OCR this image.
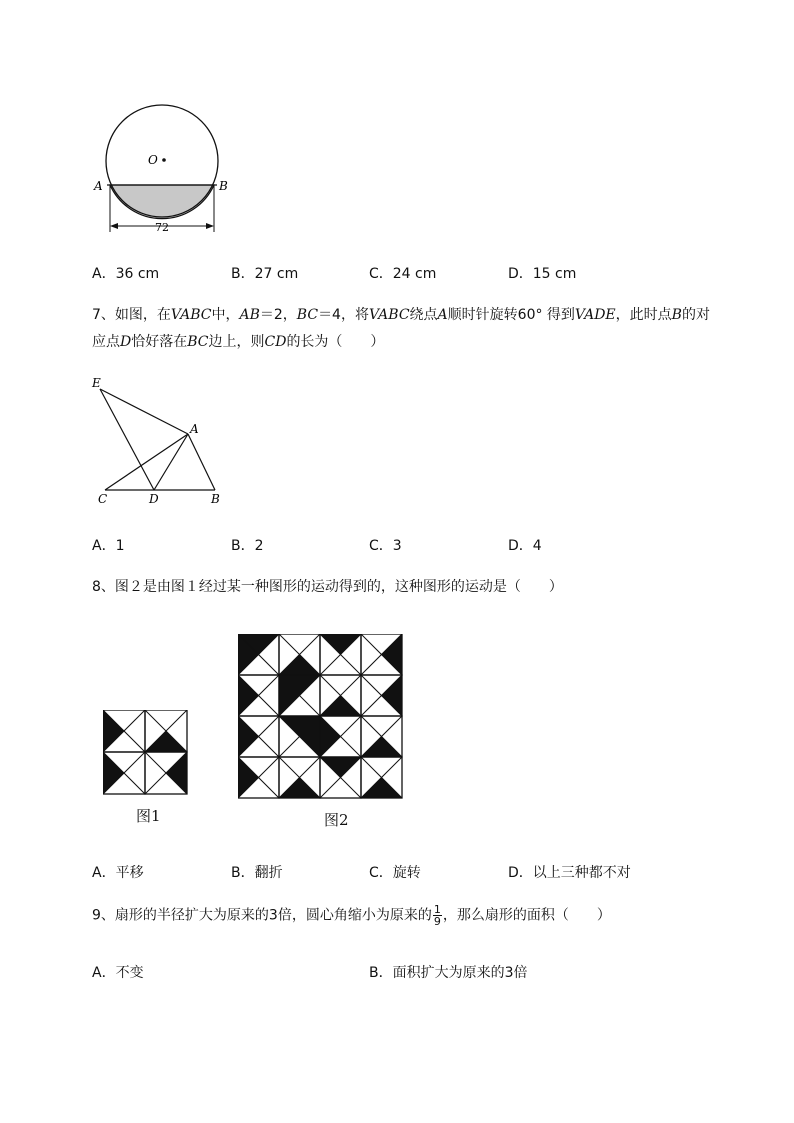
O
A	B
72
A．36 cm	B．27 cm	C．24 cm	D．15 cm
7、如图，在VABC中，AB＝2，BC＝4，将VABC绕点A顺时针旋转60° 得到VADE，此时点B的对
应点D恰好落在BC边上，则CD的长为（　　）
E
A
C	D	B
A．1	B．2	C．3	D．4
8、图２是由图１经过某一种图形的运动得到的，这种图形的运动是（　　）
图1	图2
A．平移	B．翻折	C．旋转	D．以上三种都不对
9、扇形的半径扩大为原来的3倍，圆心角缩小为原来的 $\frac{1}{9}$ ，那么扇形的面积（　　）
A．不变	B．面积扩大为原来的3倍
